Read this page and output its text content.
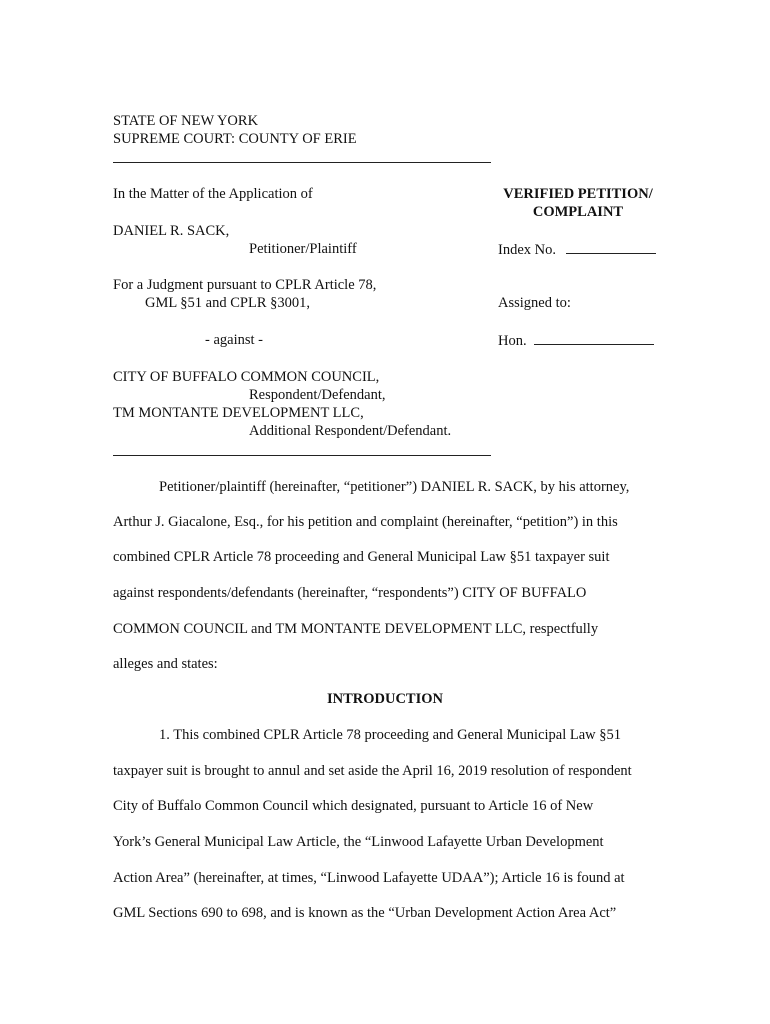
STATE OF NEW YORK
SUPREME COURT: COUNTY OF ERIE
In the Matter of the Application of
DANIEL R. SACK,
Petitioner/Plaintiff
For a Judgment pursuant to CPLR Article 78,
GML §51 and CPLR §3001,
- against -
CITY OF BUFFALO COMMON COUNCIL,
Respondent/Defendant,
TM MONTANTE DEVELOPMENT LLC,
Additional Respondent/Defendant.
VERIFIED PETITION/
COMPLAINT
Index No.
Assigned to:
Hon.
Petitioner/plaintiff (hereinafter, “petitioner”) DANIEL R. SACK, by his attorney,
Arthur J. Giacalone, Esq., for his petition and complaint (hereinafter, “petition”) in this
combined CPLR Article 78 proceeding and General Municipal Law §51 taxpayer suit
against respondents/defendants (hereinafter, “respondents”) CITY OF BUFFALO
COMMON COUNCIL and TM MONTANTE DEVELOPMENT LLC, respectfully
alleges and states:
INTRODUCTION
1. This combined CPLR Article 78 proceeding and General Municipal Law §51
taxpayer suit is brought to annul and set aside the April 16, 2019 resolution of respondent
City of Buffalo Common Council which designated, pursuant to Article 16 of New
York’s General Municipal Law Article, the “Linwood Lafayette Urban Development
Action Area” (hereinafter, at times, “Linwood Lafayette UDAA”); Article 16 is found at
GML Sections 690 to 698, and is known as the “Urban Development Action Area Act”
